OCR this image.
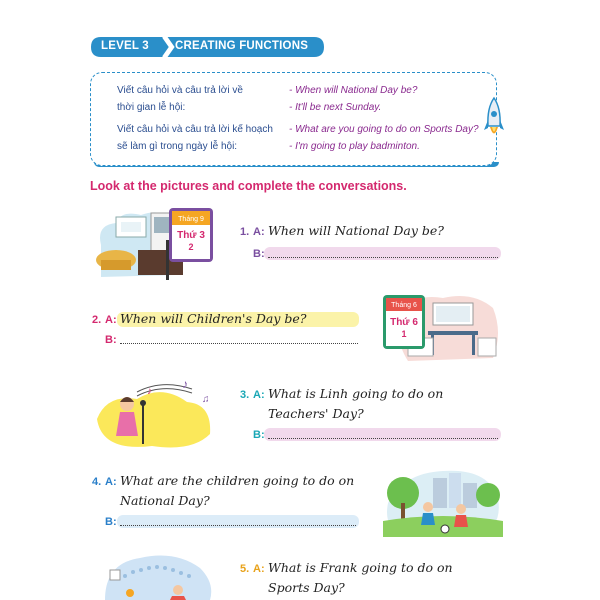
LEVEL 3 CREATING FUNCTIONS
Viết câu hỏi và câu trả lời về
thời gian lễ hội:
- When will National Day be?
- It'll be next Sunday.
Viết câu hỏi và câu trả lời kế hoạch
sẽ làm gì trong ngày lễ hội:
- What are you going to do on Sports Day?
- I'm going to play badminton.
Look at the pictures and complete the conversations.
Tháng 9
Thứ 3
2
1. A: When will National Day be?
B:
2. A: When will Children's Day be?
B:
Tháng 6
Thứ 6
1
♪
♫
♪	3. A: What is Linh going to do on
Teachers' Day?
B:
4. A: What are the children going to do on
National Day?
B:
5. A: What is Frank going to do on
Sports Day?
